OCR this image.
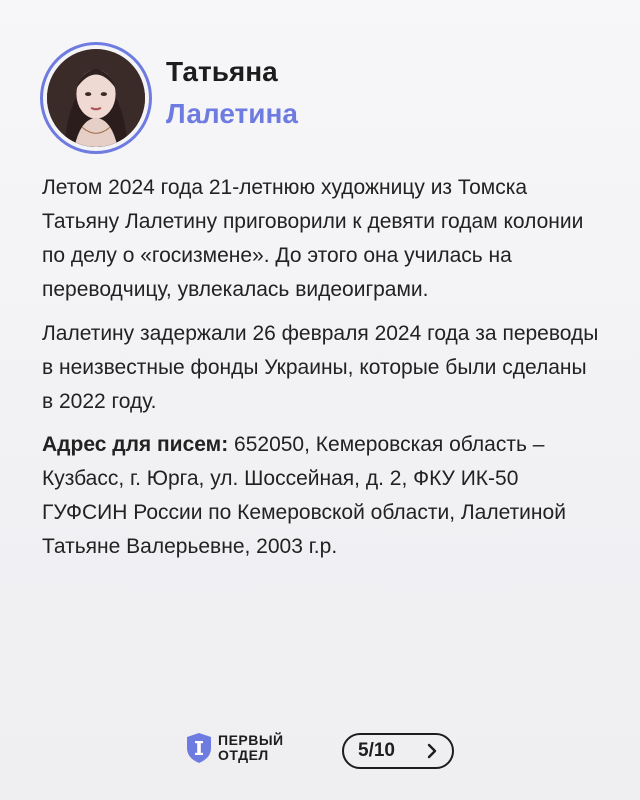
Татьяна
Лалетина

Летом 2024 года 21-летнюю художницу из Томска Татьяну Лалетину приговорили к девяти годам колонии по делу о «госизмене». До этого она училась на переводчицу, увлекалась видеоиграми.

Лалетину задержали 26 февраля 2024 года за переводы в неизвестные фонды Украины, которые были сделаны в 2022 году.

Адрес для писем: 652050, Кемеровская область – Кузбасс, г. Юрга, ул. Шоссейная, д. 2, ФКУ ИК-50 ГУФСИН России по Кемеровской области, Лалетиной Татьяне Валерьевне, 2003 г.р.

ПЕРВЫЙ
ОТДЕЛ	5/10
